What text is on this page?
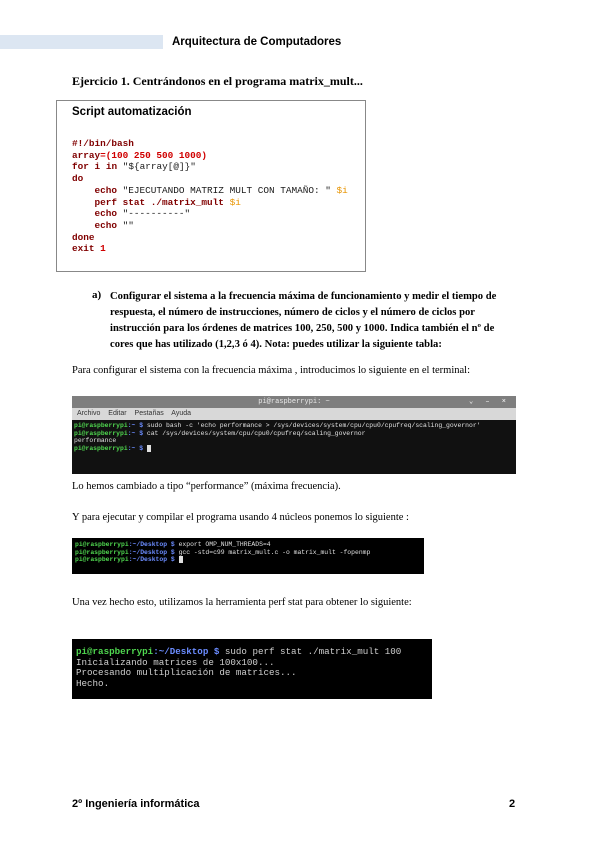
Arquitectura de Computadores
Ejercicio 1. Centrándonos en el programa matrix_mult...
Script automatización
#!/bin/bash
array=(100 250 500 1000)
for i in "${array[@]}"
do
echo "EJECUTANDO MATRIZ MULT CON TAMAÑO: " $i
perf stat ./matrix_mult $i
echo "----------"
echo ""
done
exit 1
a) Configurar el sistema a la frecuencia máxima de funcionamiento y medir el tiempo de respuesta, el número de instrucciones, número de ciclos y el número de ciclos por instrucción para los órdenes de matrices 100, 250, 500 y 1000. Indica también el nº de cores que has utilizado (1,2,3 ó 4). Nota: puedes utilizar la siguiente tabla:
Para configurar el sistema con la frecuencia máxima , introducimos lo siguiente en el terminal:
pi@raspberrypi: ~	⌄ – ×
Archivo Editar Pestañas Ayuda
pi@raspberrypi:~ $ sudo bash -c 'echo performance > /sys/devices/system/cpu/cpu0/cpufreq/scaling_governor'
pi@raspberrypi:~ $ cat /sys/devices/system/cpu/cpu0/cpufreq/scaling_governor
performance
pi@raspberrypi:~ $
Lo hemos cambiado a tipo “performance” (máxima frecuencia).
Y para ejecutar y compilar el programa usando 4 núcleos ponemos lo siguiente :
pi@raspberrypi:~/Desktop $ export OMP_NUM_THREADS=4
pi@raspberrypi:~/Desktop $ gcc -std=c99 matrix_mult.c -o matrix_mult -fopenmp
pi@raspberrypi:~/Desktop $
Una vez hecho esto, utilizamos la herramienta perf stat para obtener lo siguiente:
pi@raspberrypi:~/Desktop $ sudo perf stat ./matrix_mult 100
Inicializando matrices de 100x100...
Procesando multiplicación de matrices...
Hecho.
2º Ingeniería informática	2
